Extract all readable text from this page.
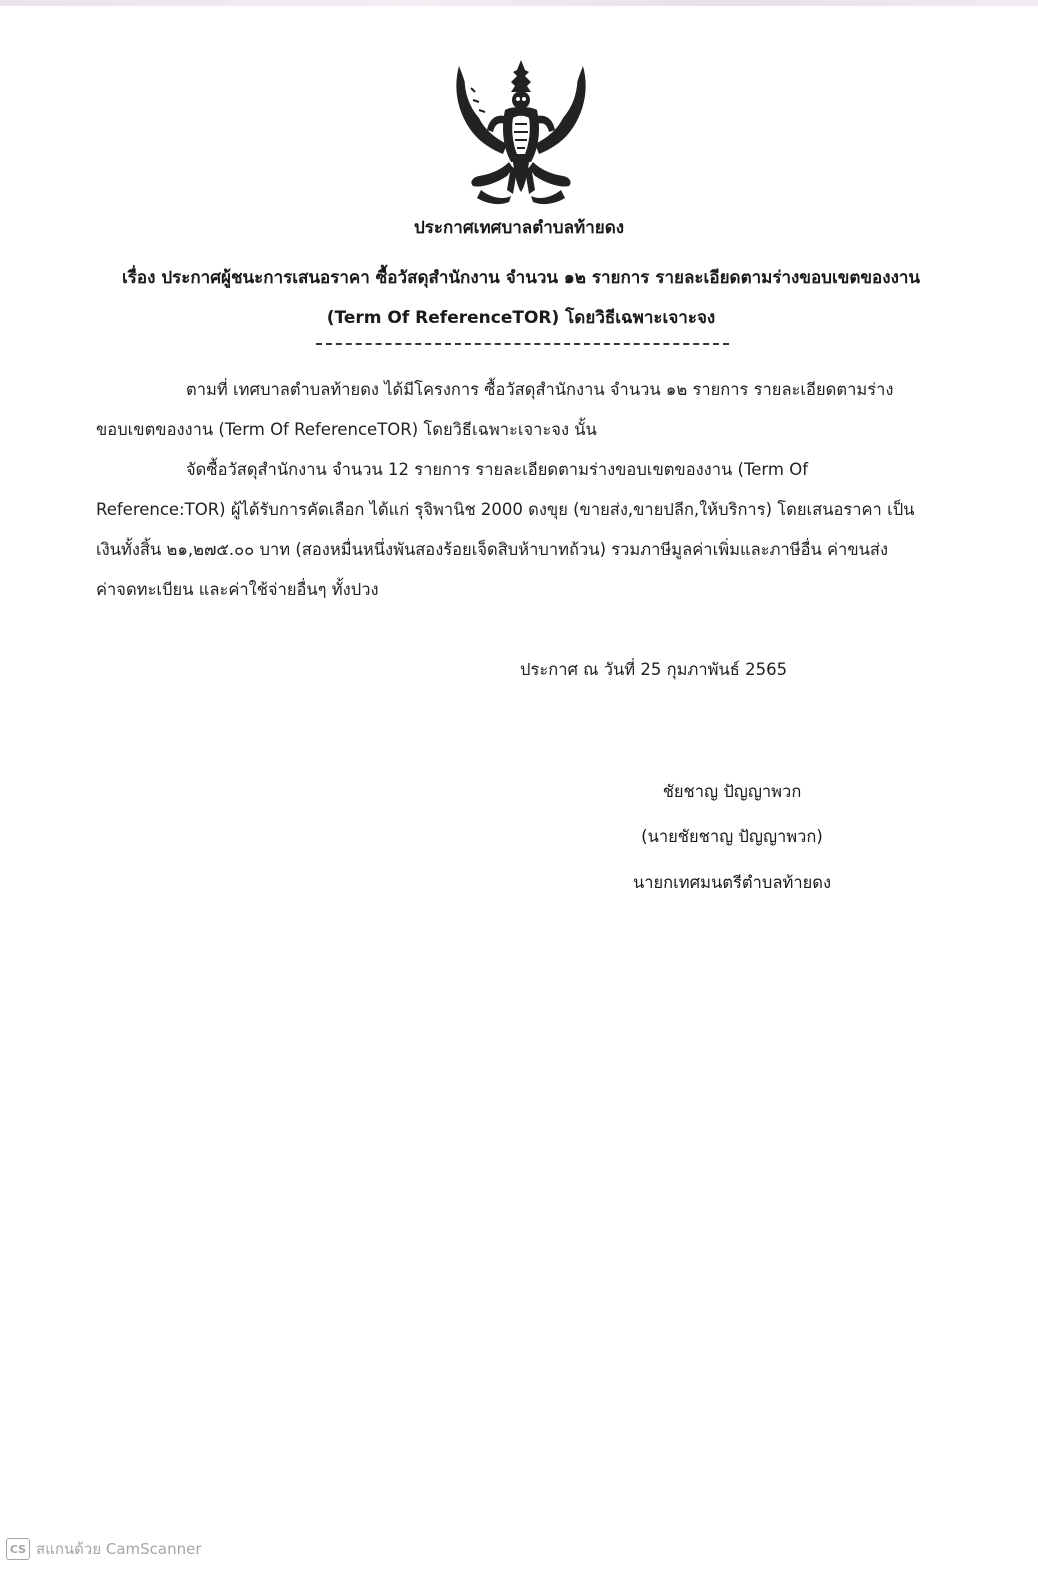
ประกาศเทศบาลตำบลท้ายดง
เรื่อง ประกาศผู้ชนะการเสนอราคา ซื้อวัสดุสำนักงาน จำนวน ๑๒ รายการ รายละเอียดตามร่างขอบเขตของงาน
(Term Of ReferenceTOR) โดยวิธีเฉพาะเจาะจง
ตามที่ เทศบาลตำบลท้ายดง ได้มีโครงการ ซื้อวัสดุสำนักงาน จำนวน ๑๒ รายการ รายละเอียดตามร่าง
ขอบเขตของงาน (Term Of ReferenceTOR) โดยวิธีเฉพาะเจาะจง นั้น
จัดซื้อวัสดุสำนักงาน จำนวน 12 รายการ รายละเอียดตามร่างขอบเขตของงาน (Term Of
Reference:TOR) ผู้ได้รับการคัดเลือก ได้แก่ รุจิพานิช 2000 ดงขุย (ขายส่ง,ขายปลีก,ให้บริการ) โดยเสนอราคา เป็น
เงินทั้งสิ้น ๒๑,๒๗๕.๐๐ บาท (สองหมื่นหนึ่งพันสองร้อยเจ็ดสิบห้าบาทถ้วน) รวมภาษีมูลค่าเพิ่มและภาษีอื่น ค่าขนส่ง
ค่าจดทะเบียน และค่าใช้จ่ายอื่นๆ ทั้งปวง
ประกาศ ณ วันที่ 25 กุมภาพันธ์ 2565
ชัยชาญ ปัญญาพวก
(นายชัยชาญ ปัญญาพวก)
นายกเทศมนตรีตำบลท้ายดง
CS สแกนด้วย CamScanner
